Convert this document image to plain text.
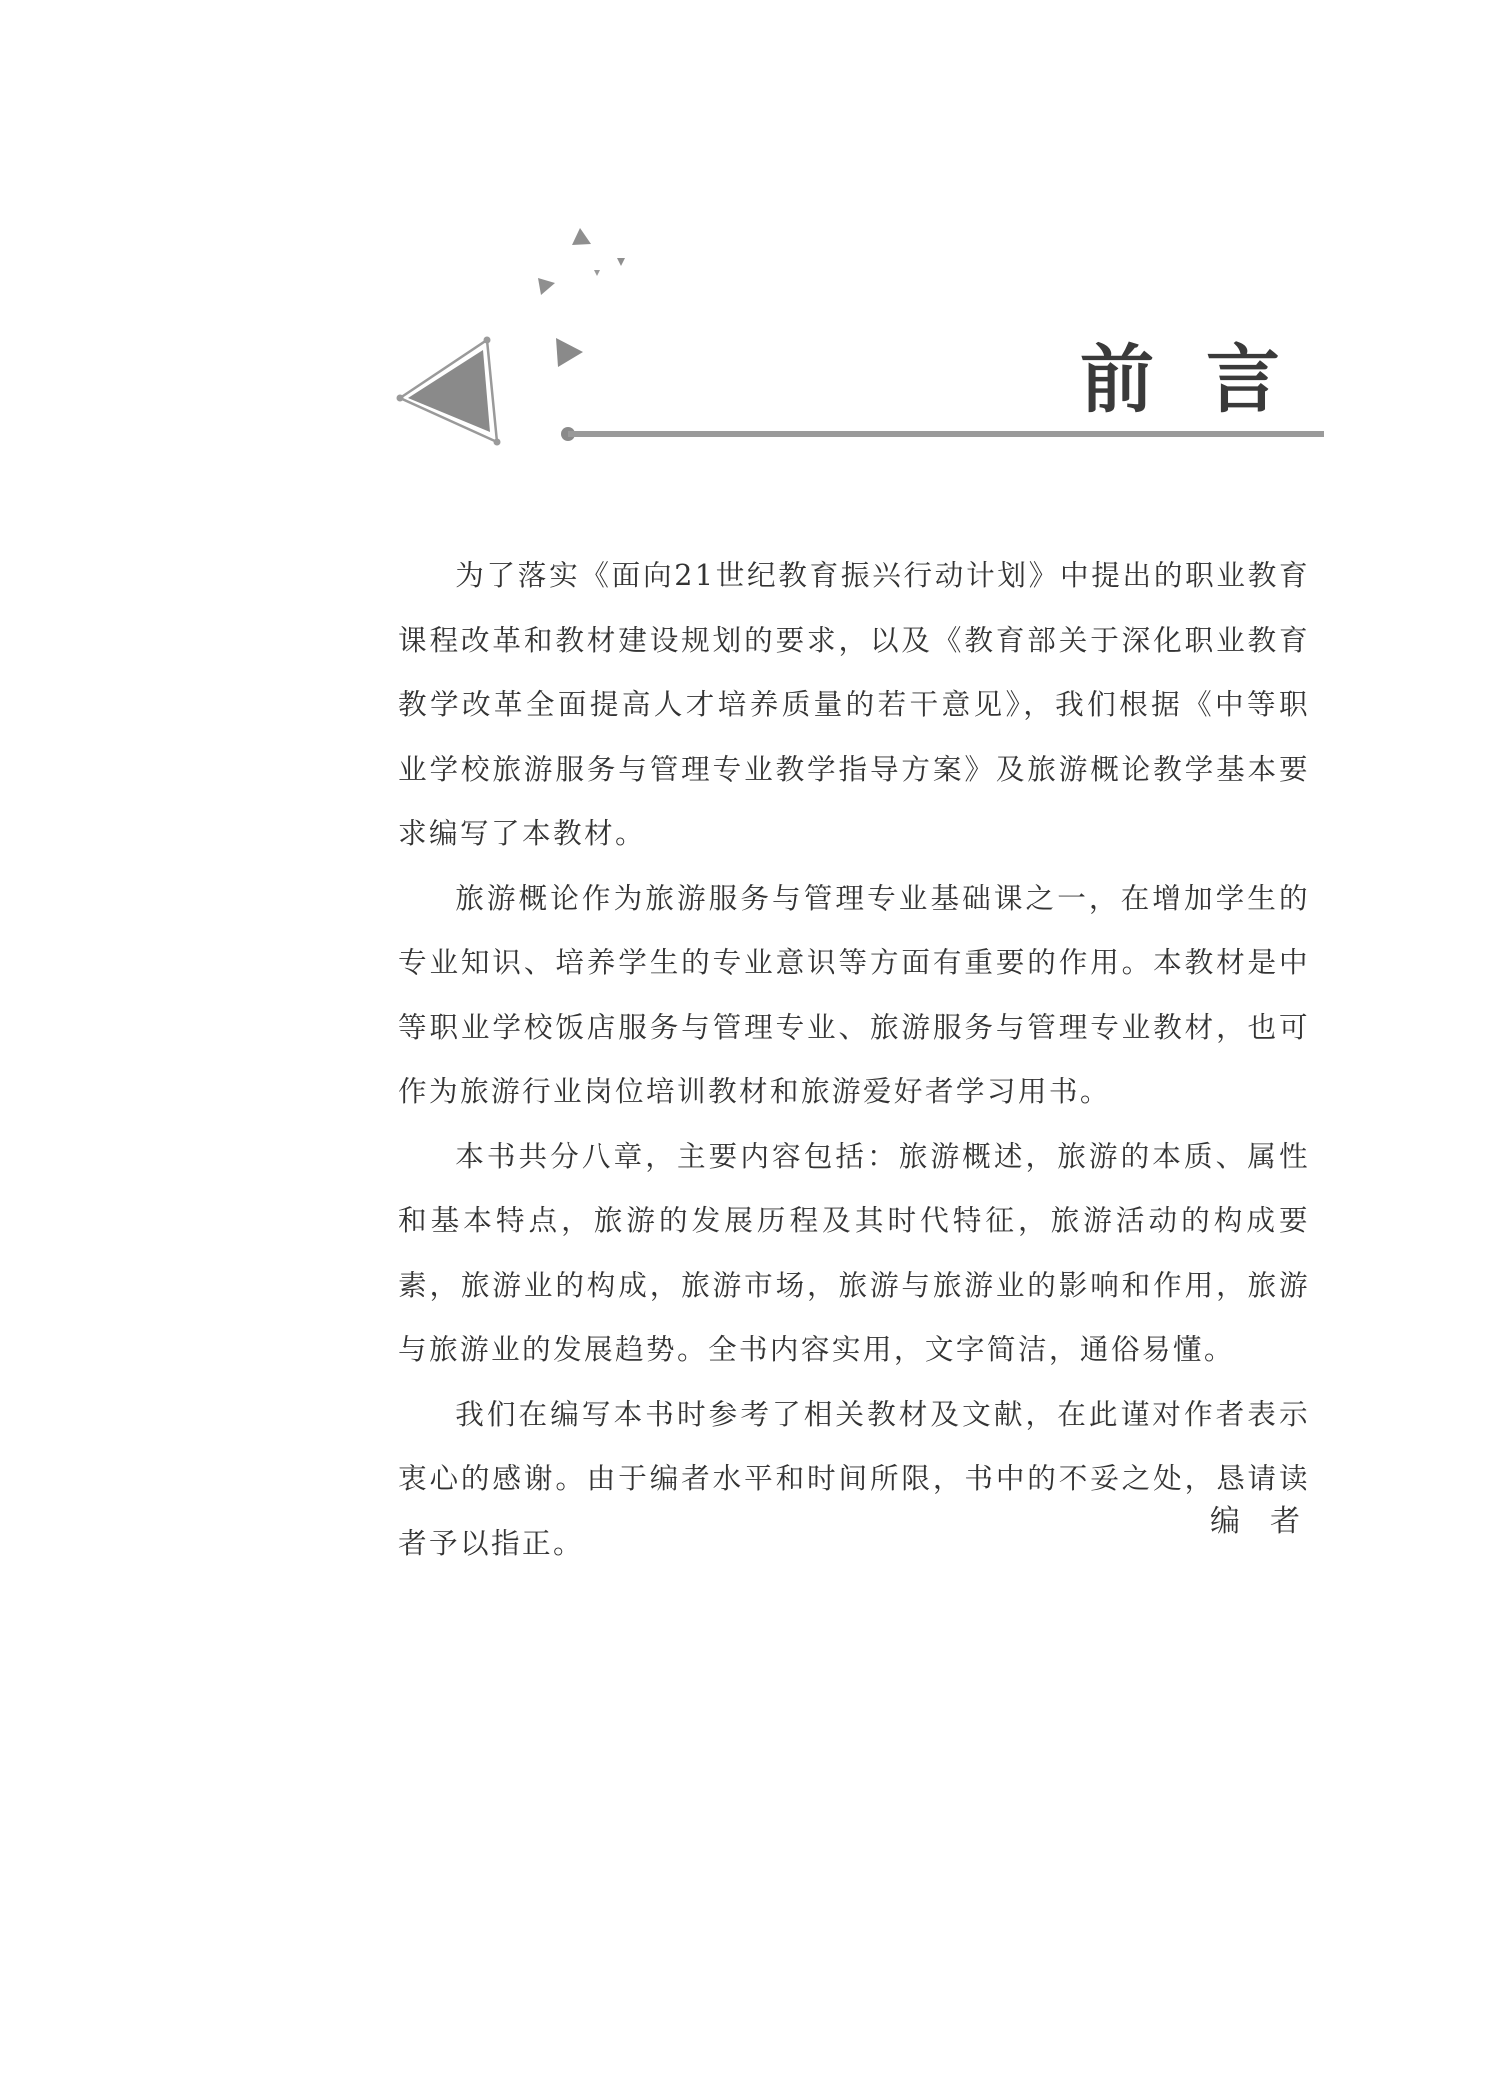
前言

为了落实《面向21世纪教育振兴行动计划》中提出的职业教育课程改革和教材建设规划的要求，以及《教育部关于深化职业教育教学改革全面提高人才培养质量的若干意见》，我们根据《中等职业学校旅游服务与管理专业教学指导方案》及旅游概论教学基本要求编写了本教材。

旅游概论作为旅游服务与管理专业基础课之一，在增加学生的专业知识、培养学生的专业意识等方面有重要的作用。本教材是中等职业学校饭店服务与管理专业、旅游服务与管理专业教材，也可作为旅游行业岗位培训教材和旅游爱好者学习用书。

本书共分八章，主要内容包括：旅游概述，旅游的本质、属性和基本特点，旅游的发展历程及其时代特征，旅游活动的构成要素，旅游业的构成，旅游市场，旅游与旅游业的影响和作用，旅游与旅游业的发展趋势。全书内容实用，文字简洁，通俗易懂。

我们在编写本书时参考了相关教材及文献，在此谨对作者表示衷心的感谢。由于编者水平和时间所限，书中的不妥之处，恳请读者予以指正。

编者
